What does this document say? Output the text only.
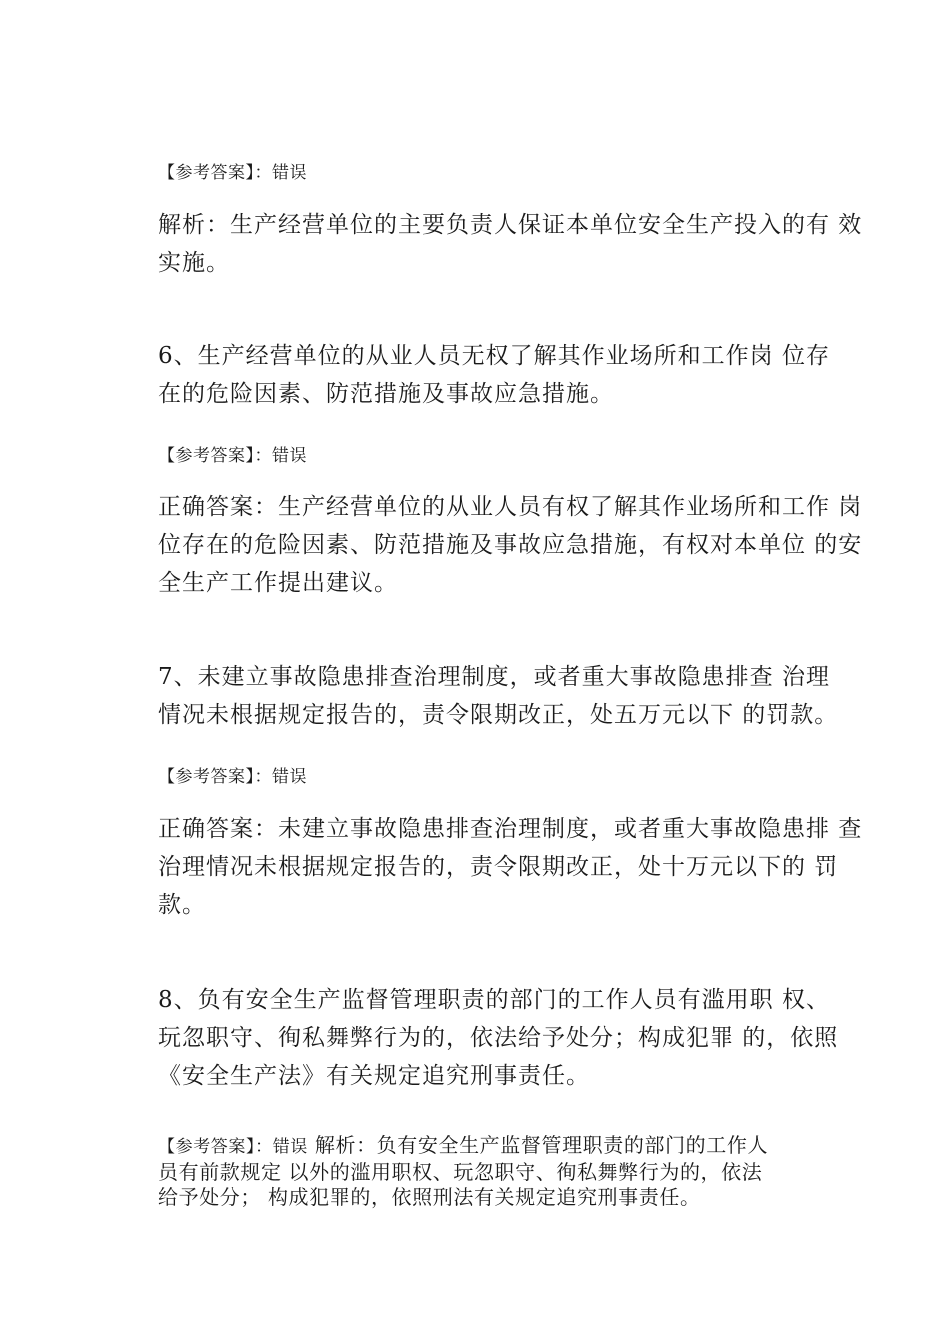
【参考答案】：错误
解析：生产经营单位的主要负责人保证本单位安全生产投入的有 效
实施。
6、生产经营单位的从业人员无权了解其作业场所和工作岗 位存
在的危险因素、防范措施及事故应急措施。
【参考答案】：错误
正确答案：生产经营单位的从业人员有权了解其作业场所和工作 岗
位存在的危险因素、防范措施及事故应急措施，有权对本单位 的安
全生产工作提出建议。
7、未建立事故隐患排查治理制度，或者重大事故隐患排查 治理
情况未根据规定报告的，责令限期改正，处五万元以下 的罚款。
【参考答案】：错误
正确答案：未建立事故隐患排查治理制度，或者重大事故隐患排 查
治理情况未根据规定报告的，责令限期改正，处十万元以下的 罚
款。
8、负有安全生产监督管理职责的部门的工作人员有滥用职 权、
玩忽职守、徇私舞弊行为的，依法给予处分；构成犯罪 的，依照
《安全生产法》有关规定追究刑事责任。
【参考答案】：错误 解析：负有安全生产监督管理职责的部门的工作人
员有前款规定 以外的滥用职权、玩忽职守、徇私舞弊行为的，依法
给予处分； 构成犯罪的，依照刑法有关规定追究刑事责任。
